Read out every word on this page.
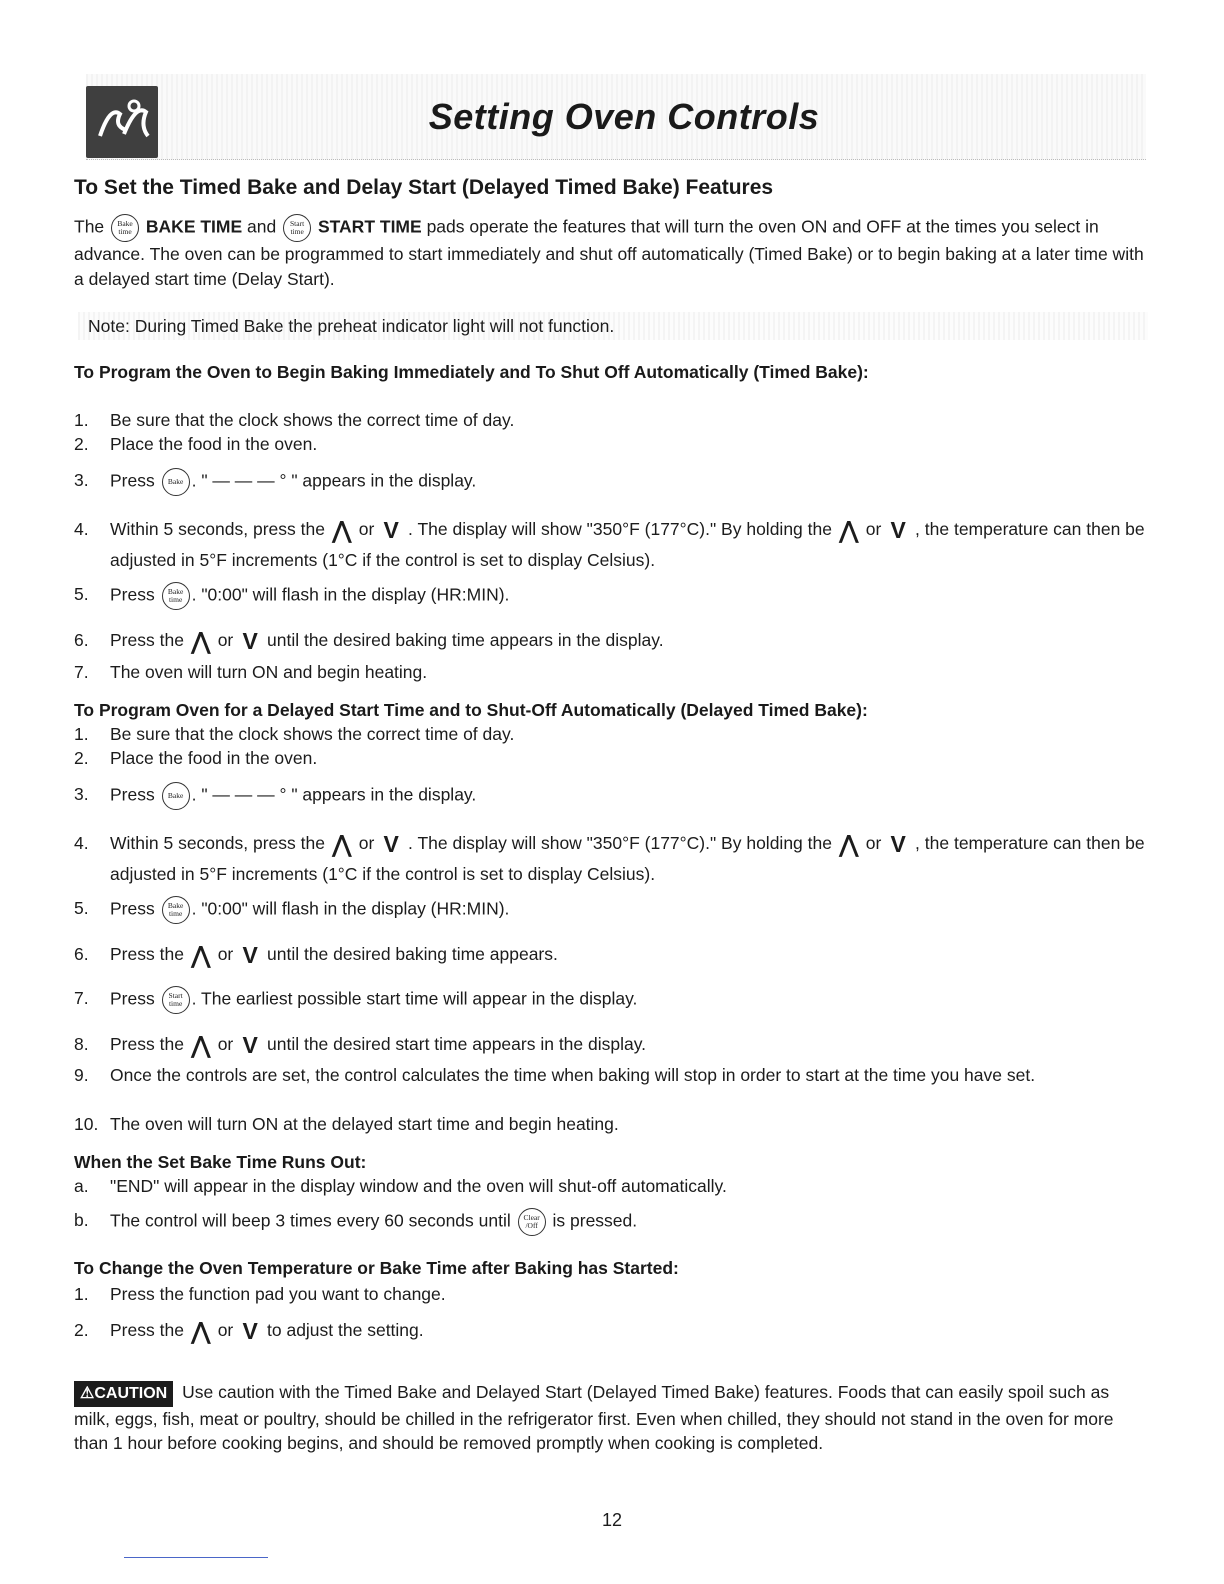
Setting Oven Controls
To Set the Timed Bake and Delay Start (Delayed Timed Bake) Features
The	Bake
time BAKE TIME and	Start
time START TIME pads operate the features that will turn the oven ON and OFF at the times you select in advance. The oven can be programmed to start immediately and shut off automatically (Timed Bake) or to begin baking at a later time with a delayed start time (Delay Start).
Note: During Timed Bake the preheat indicator light will not function.
To Program the Oven to Begin Baking Immediately and To Shut Off Automatically (Timed Bake):
1.	Be sure that the clock shows the correct time of day.
2.	Place the food in the oven.
3.	Press	Bake . " — — — ° " appears in the display.
4.	Within 5 seconds, press the ⋀ or V . The display will show "350°F (177°C)." By holding the ⋀ or V , the temperature can then be adjusted in 5°F increments (1°C if the control is set to display Celsius).
5.	Press	Bake
time . "0:00" will flash in the display (HR:MIN).
6.	Press the ⋀ or V until the desired baking time appears in the display.
7.	The oven will turn ON and begin heating.
To Program Oven for a Delayed Start Time and to Shut-Off Automatically (Delayed Timed Bake):
1.	Be sure that the clock shows the correct time of day.
2.	Place the food in the oven.
3.	Press	Bake . " — — — ° " appears in the display.
4.	Within 5 seconds, press the ⋀ or V . The display will show "350°F (177°C)." By holding the ⋀ or V , the temperature can then be adjusted in 5°F increments (1°C if the control is set to display Celsius).
5.	Press	Bake
time . "0:00" will flash in the display (HR:MIN).
6.	Press the ⋀ or V until the desired baking time appears.
7.	Press	Start
time . The earliest possible start time will appear in the display.
8.	Press the ⋀ or V until the desired start time appears in the display.
9.	Once the controls are set, the control calculates the time when baking will stop in order to start at the time you have set.
10. The oven will turn ON at the delayed start time and begin heating.
When the Set Bake Time Runs Out:
a.	"END" will appear in the display window and the oven will shut-off automatically.
b.	The control will beep 3 times every 60 seconds until	Clear
/Off is pressed.
To Change the Oven Temperature or Bake Time after Baking has Started:
1.	Press the function pad you want to change.
2.	Press the ⋀ or V to adjust the setting.
⚠CAUTION Use caution with the Timed Bake and Delayed Start (Delayed Timed Bake) features. Foods that can easily spoil such as milk, eggs, fish, meat or poultry, should be chilled in the refrigerator first. Even when chilled, they should not stand in the oven for more than 1 hour before cooking begins, and should be removed promptly when cooking is completed.
12
